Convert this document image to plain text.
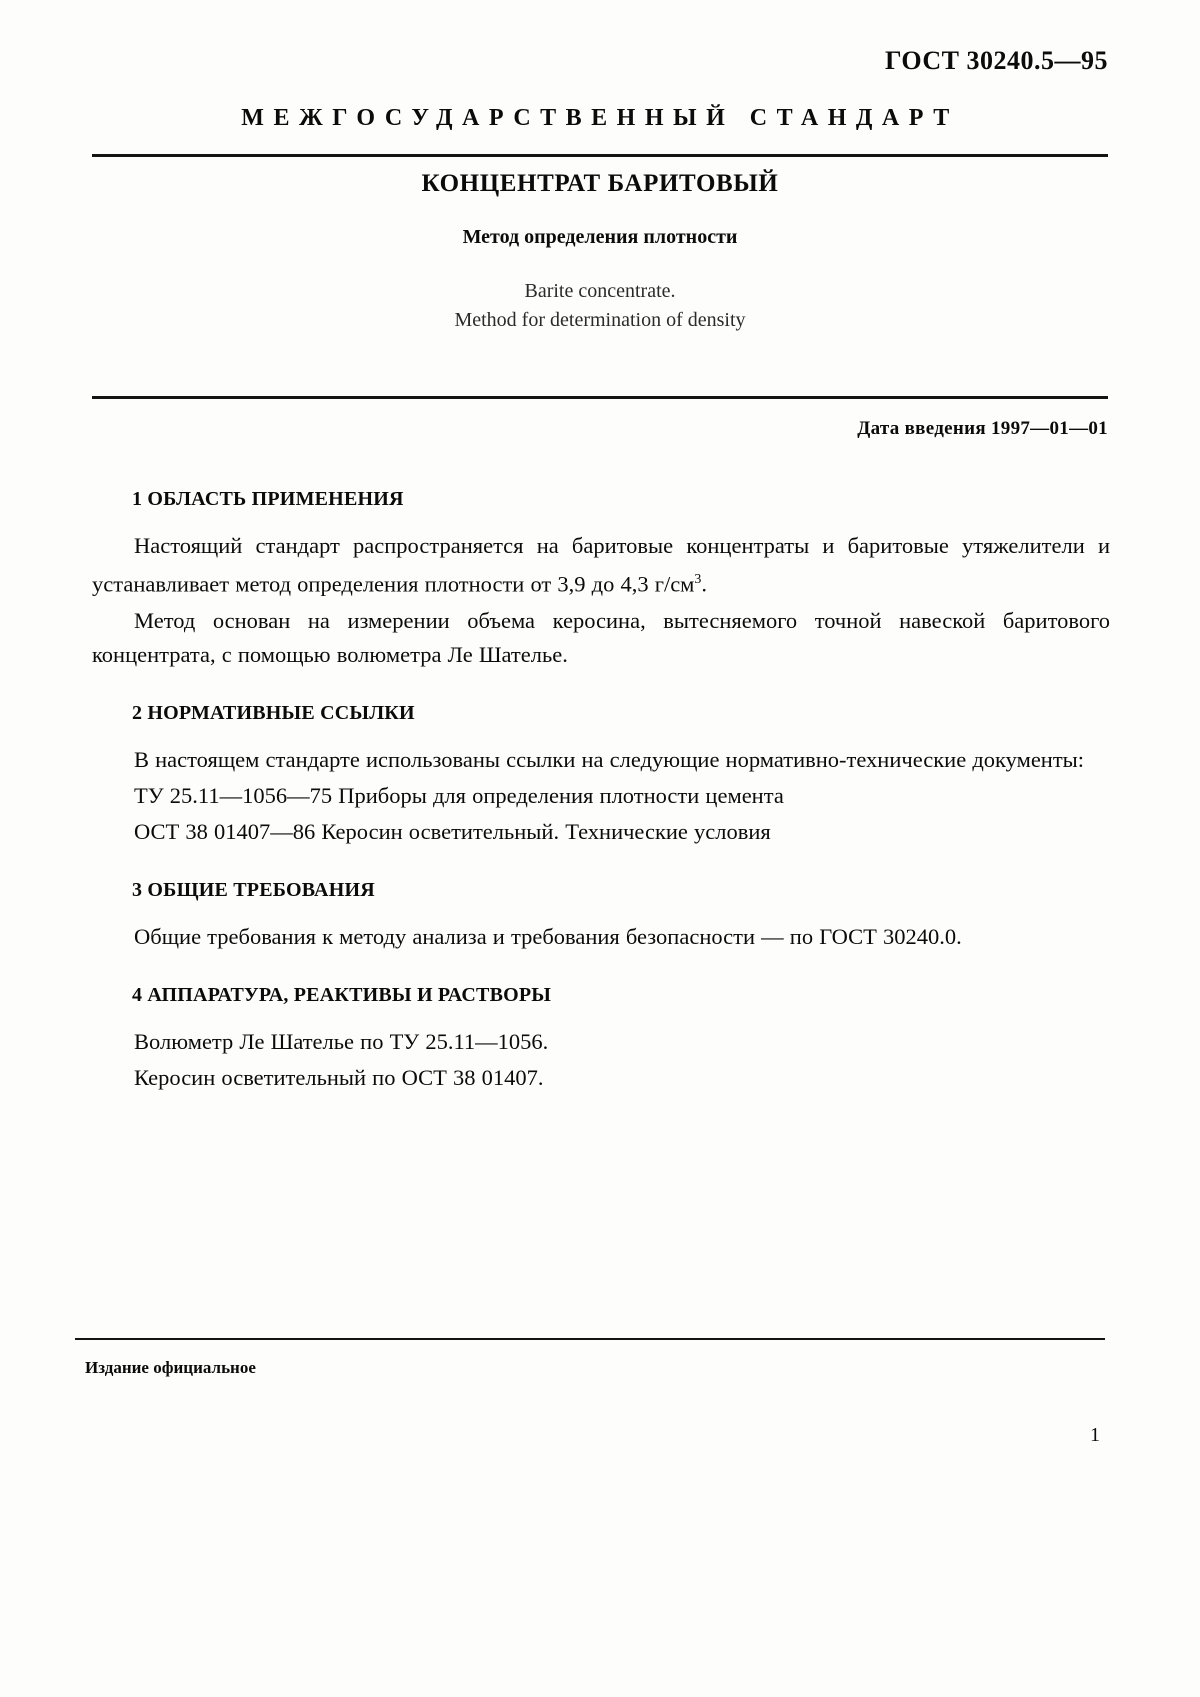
ГОСТ 30240.5—95
МЕЖГОСУДАРСТВЕННЫЙ СТАНДАРТ
КОНЦЕНТРАТ БАРИТОВЫЙ
Метод определения плотности
Barite concentrate.
Method for determination of density
Дата введения 1997—01—01
1 ОБЛАСТЬ ПРИМЕНЕНИЯ

Настоящий стандарт распространяется на баритовые концентраты и баритовые утяжелители и устанавливает метод определения плотности от 3,9 до 4,3 $г/см^3$.

Метод основан на измерении объема керосина, вытесняемого точной навеской баритового концентрата, с помощью волюметра Ле Шателье.

2 НОРМАТИВНЫЕ ССЫЛКИ

В настоящем стандарте использованы ссылки на следующие нормативно-технические документы:

ТУ 25.11—1056—75 Приборы для определения плотности цемента

ОСТ 38 01407—86 Керосин осветительный. Технические условия

3 ОБЩИЕ ТРЕБОВАНИЯ

Общие требования к методу анализа и требования безопасности — по ГОСТ 30240.0.

4 АППАРАТУРА, РЕАКТИВЫ И РАСТВОРЫ

Волюметр Ле Шателье по ТУ 25.11—1056.

Керосин осветительный по ОСТ 38 01407.

Издание официальное
1
